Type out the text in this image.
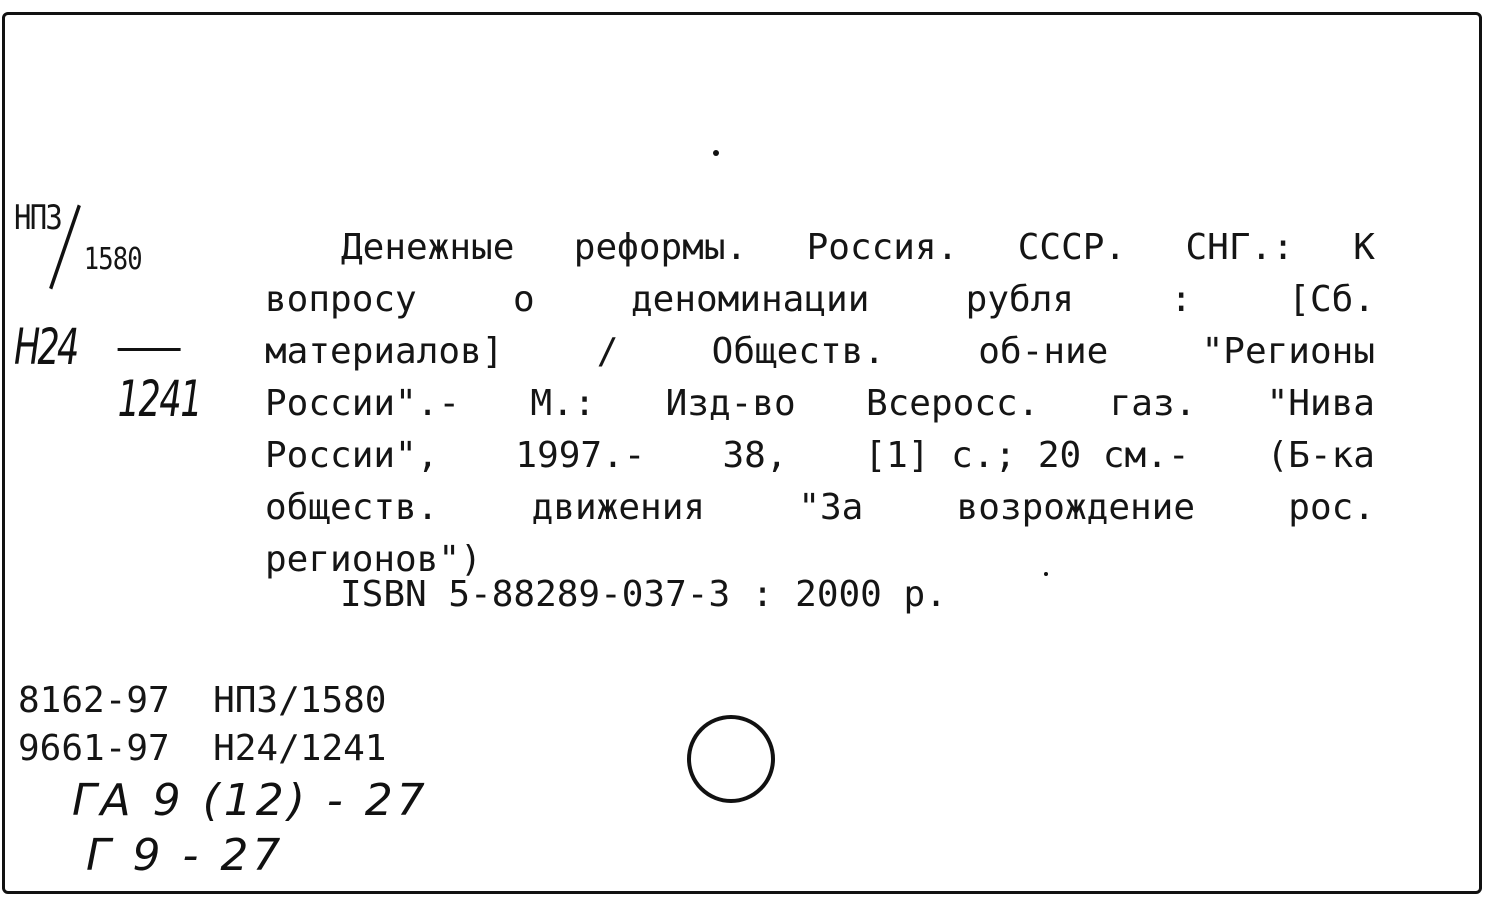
НПЗ
1580
Н24
1241
Денежные реформы. Россия. СССР. СНГ.: К
вопросу	о	деноминации	рубля	:	[Сб.
материалов]	/	Обществ.	об-ние	"Регионы
России".- М.: Изд-во Всеросс. газ. "Нива
России", 1997.- 38, [1] с.; 20 см.- (Б-ка
обществ.	движения	"За	возрождение	рос.
регионов")
ISBN 5-88289-037-3 : 2000 р.
8162-97 НПЗ/1580
9661-97 Н24/1241
ГА 9 (12) - 27
Г 9 - 27
